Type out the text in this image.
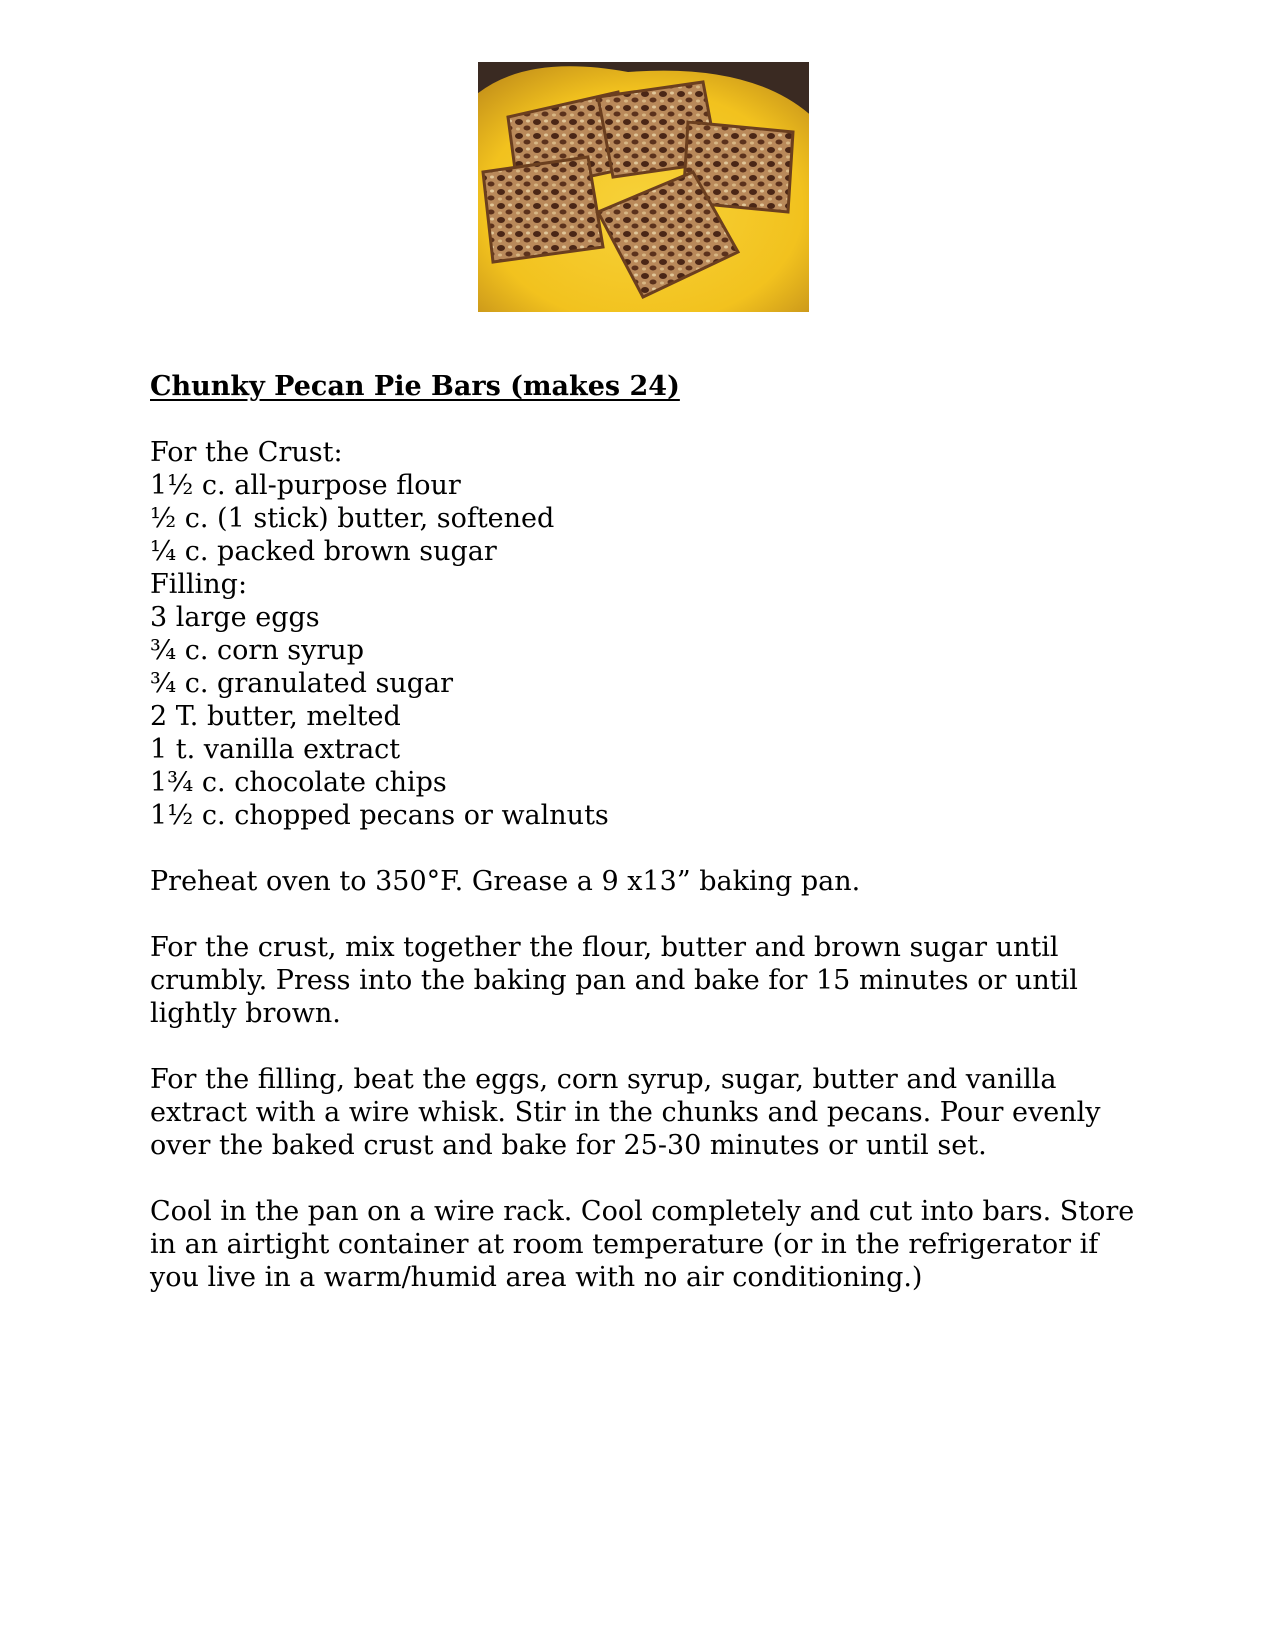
Chunky Pecan Pie Bars (makes 24)

For the Crust:

1½ c. all-purpose flour

½ c. (1 stick) butter, softened

¼ c. packed brown sugar

Filling:

3 large eggs

¾ c. corn syrup

¾ c. granulated sugar

2 T. butter, melted

1 t. vanilla extract

1¾ c. chocolate chips

1½ c. chopped pecans or walnuts

Preheat oven to 350°F. Grease a 9 x13” baking pan.

For the crust, mix together the flour, butter and brown sugar until crumbly. Press into the baking pan and bake for 15 minutes or until lightly brown.

For the filling, beat the eggs, corn syrup, sugar, butter and vanilla extract with a wire whisk. Stir in the chunks and pecans. Pour evenly over the baked crust and bake for 25-30 minutes or until set.

Cool in the pan on a wire rack. Cool completely and cut into bars. Store in an airtight container at room temperature (or in the refrigerator if you live in a warm/humid area with no air conditioning.)
